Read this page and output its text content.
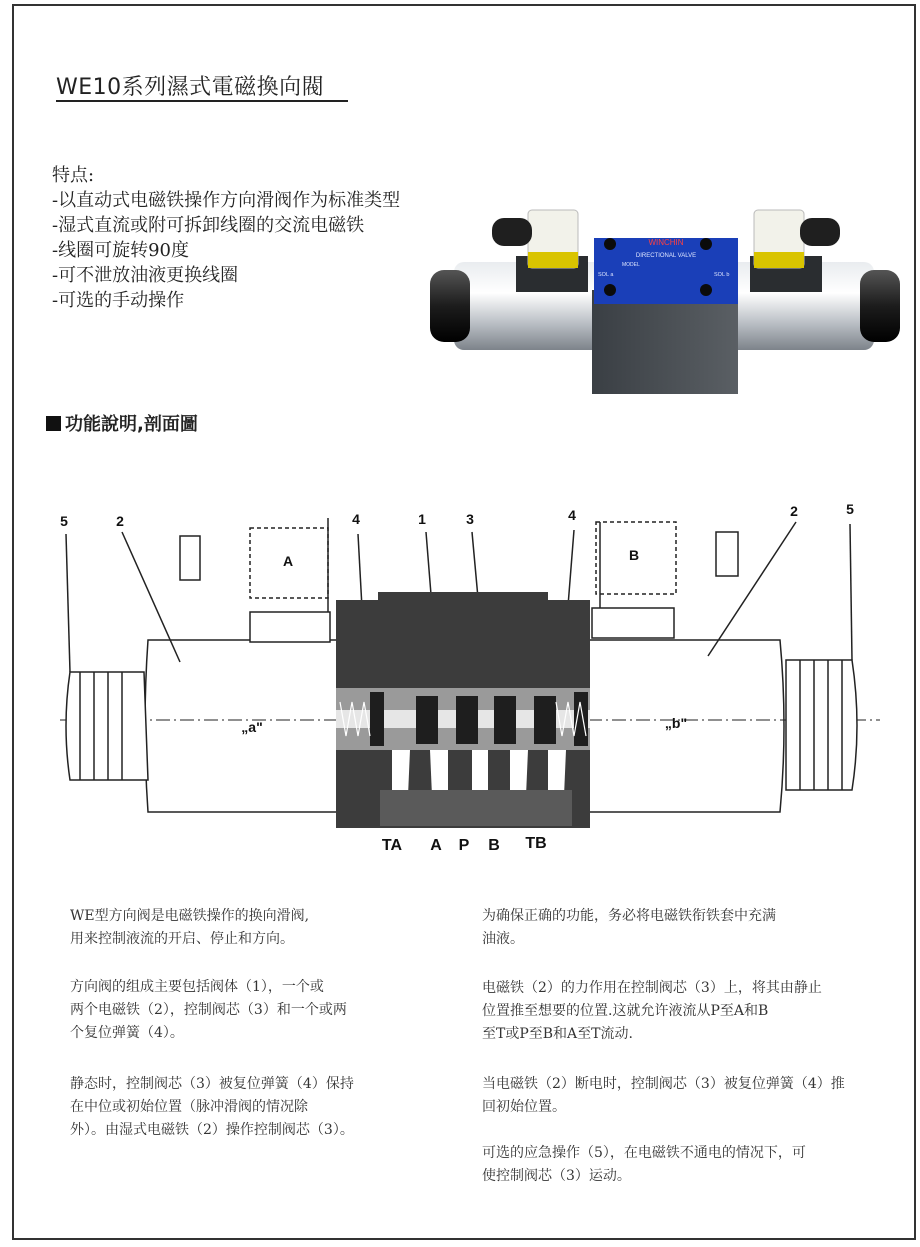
WE10系列濕式電磁換向閥
特点:
-以直动式电磁铁操作方向滑阀作为标准类型
-湿式直流或附可拆卸线圈的交流电磁铁
-线圈可旋转90度
-可不泄放油液更换线圈
-可选的手动操作
WINCHIN
DIRECTIONAL VALVE
MODEL
SOL a	SOL b
功能說明,剖面圖
5	2	4	1	3	4	2	5
A	B
„a"	„b"
TA A P B TB
WE型方向阀是电磁铁操作的换向滑阀,
用来控制液流的开启、停止和方向。
方向阀的组成主要包括阀体（1），一个或
两个电磁铁（2），控制阀芯（3）和一个或两
个复位弹簧（4）。
静态时，控制阀芯（3）被复位弹簧（4）保持
在中位或初始位置（脉冲滑阀的情况除
外）。由湿式电磁铁（2）操作控制阀芯（3）。
为确保正确的功能，务必将电磁铁衔铁套中充满
油液。
电磁铁（2）的力作用在控制阀芯（3）上，将其由静止
位置推至想要的位置.这就允许液流从P至A和B
至T或P至B和A至T流动.
当电磁铁（2）断电时，控制阀芯（3）被复位弹簧（4）推
回初始位置。
可选的应急操作（5），在电磁铁不通电的情况下，可
使控制阀芯（3）运动。
